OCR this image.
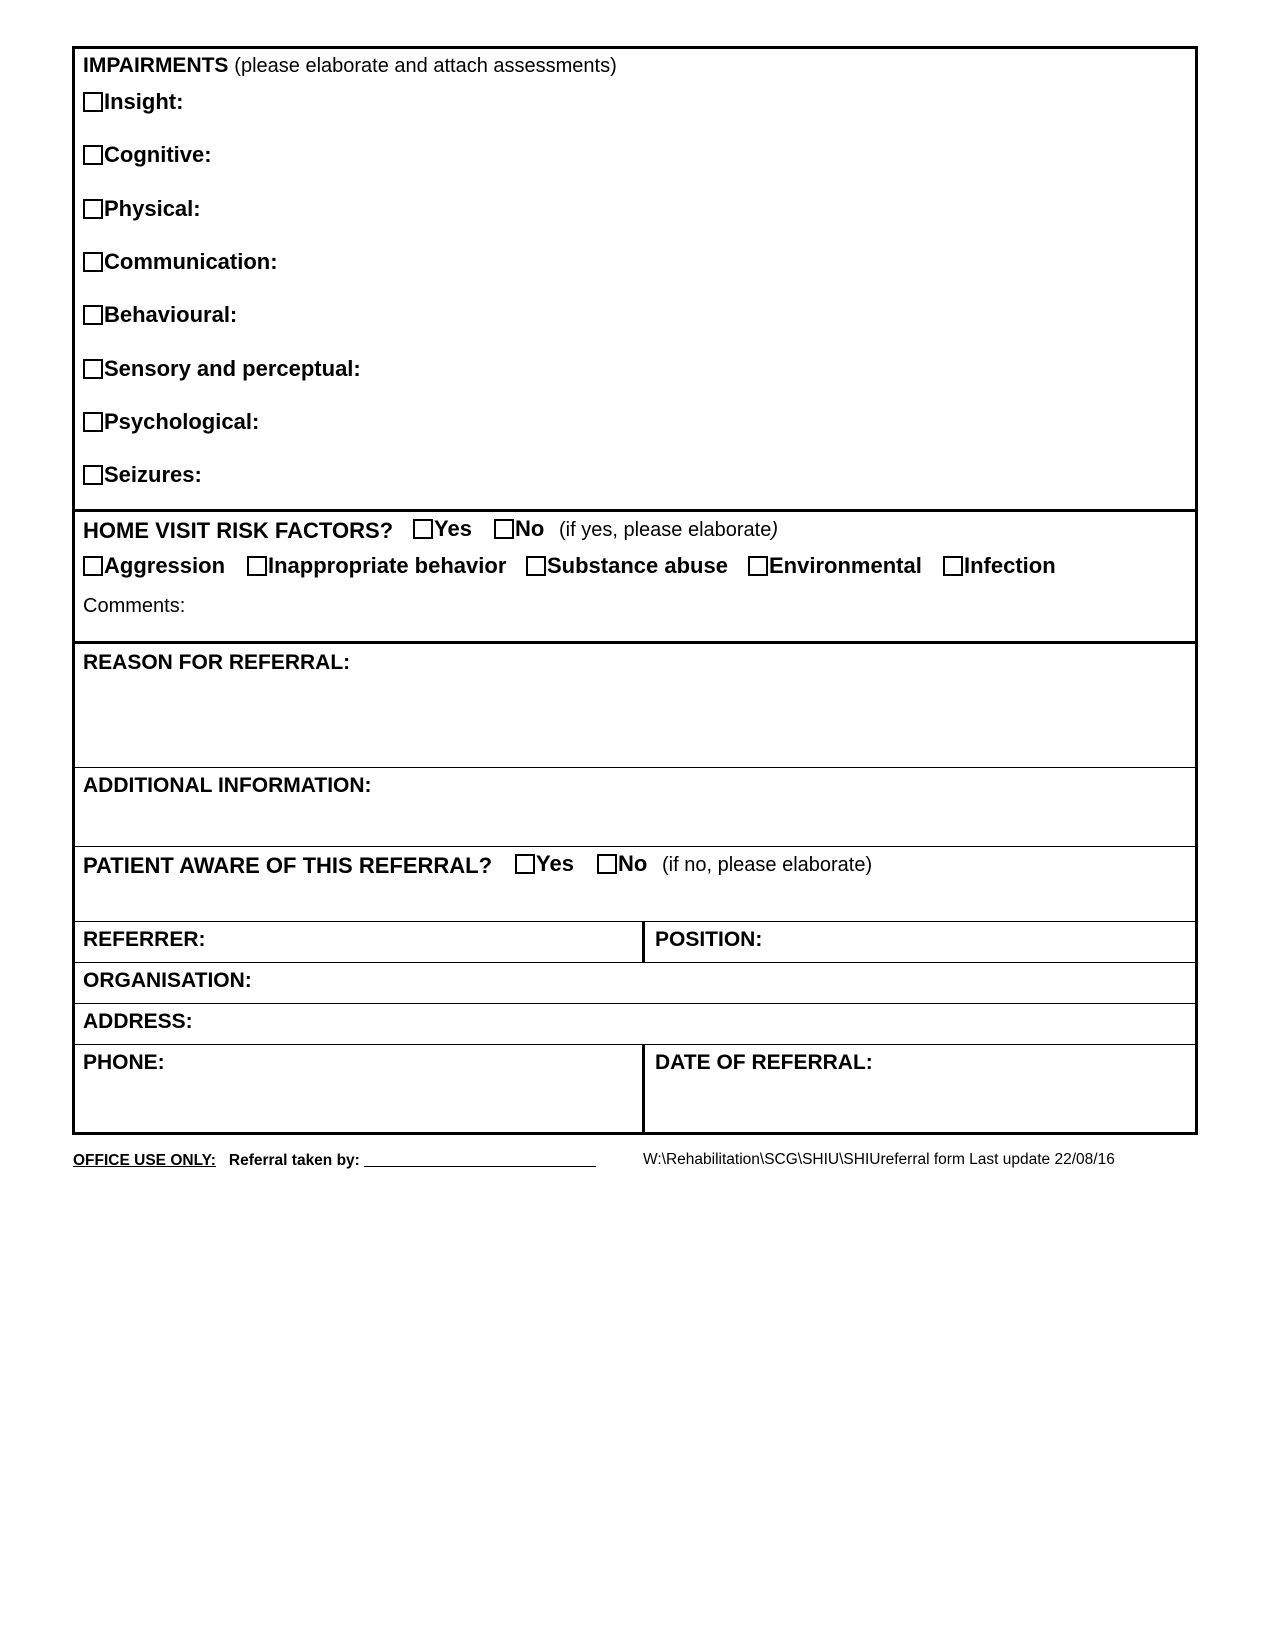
IMPAIRMENTS (please elaborate and attach assessments)
Insight:
Cognitive:
Physical:
Communication:
Behavioural:
Sensory and perceptual:
Psychological:
Seizures:
HOME VISIT RISK FACTORS?	Yes	No (if yes, please elaborate)
Aggression	Inappropriate behavior	Substance abuse	Environmental	Infection
Comments:
REASON FOR REFERRAL:
ADDITIONAL INFORMATION:
PATIENT AWARE OF THIS REFERRAL?	Yes	No (if no, please elaborate)
REFERRER:	POSITION:
ORGANISATION:
ADDRESS:
PHONE:	DATE OF REFERRAL:
OFFICE USE ONLY: Referral taken by:	W:\Rehabilitation\SCG\SHIU\SHIUreferral form Last update 22/08/16
